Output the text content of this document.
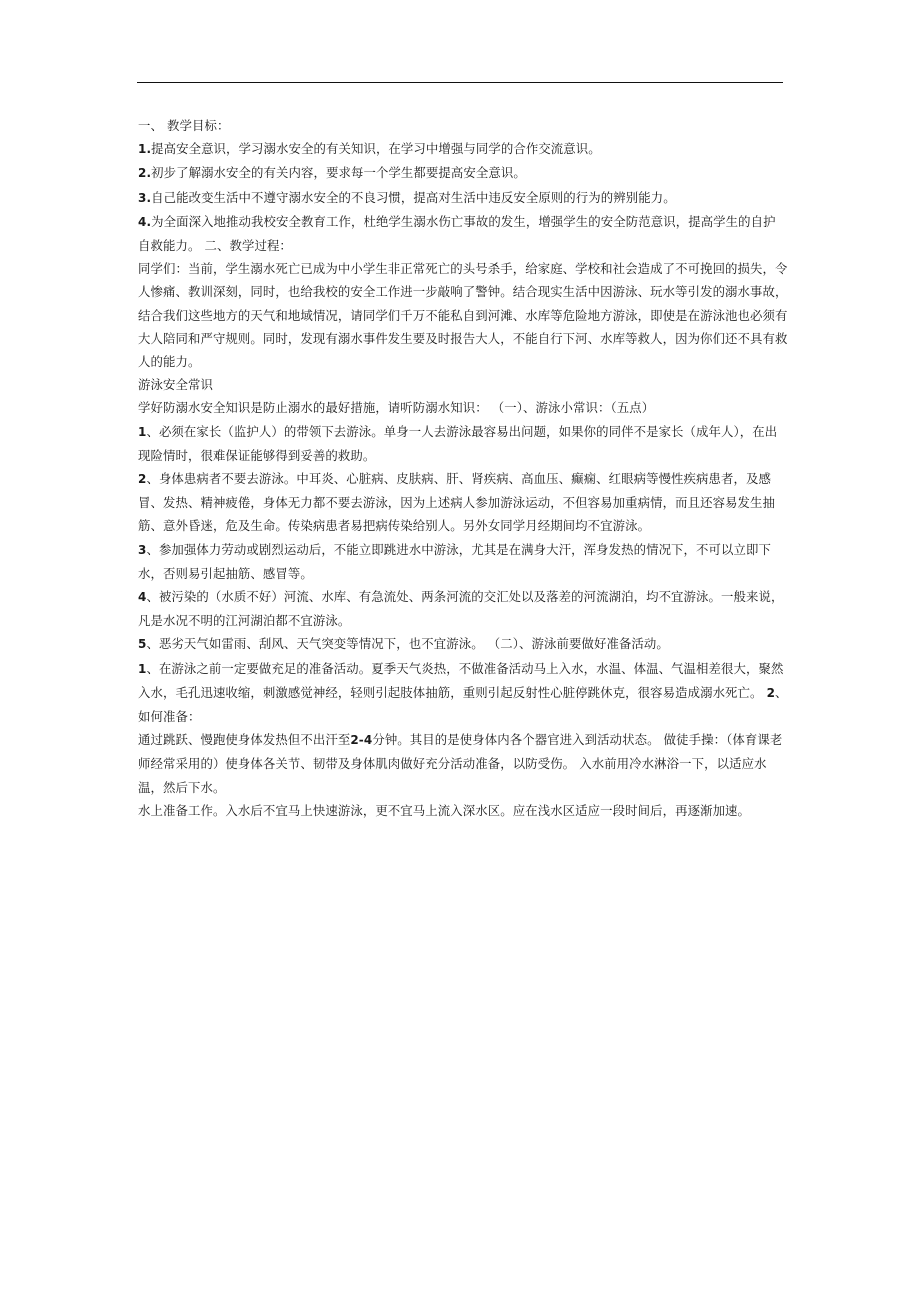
一、 教学目标：

1.提高安全意识，学习溺水安全的有关知识，在学习中增强与同学的合作交流意识。

2.初步了解溺水安全的有关内容，要求每一个学生都要提高安全意识。

3.自己能改变生活中不遵守溺水安全的不良习惯，提高对生活中违反安全原则的行为的辨别能力。

4.为全面深入地推动我校安全教育工作，杜绝学生溺水伤亡事故的发生，增强学生的安全防范意识，提高学生的自护自救能力。 二、教学过程：

同学们：当前，学生溺水死亡已成为中小学生非正常死亡的头号杀手，给家庭、学校和社会造成了不可挽回的损失，令人惨痛、教训深刻，同时，也给我校的安全工作进一步敲响了警钟。结合现实生活中因游泳、玩水等引发的溺水事故，结合我们这些地方的天气和地域情况，请同学们千万不能私自到河滩、水库等危险地方游泳，即使是在游泳池也必须有大人陪同和严守规则。同时，发现有溺水事件发生要及时报告大人，不能自行下河、水库等救人，因为你们还不具有救人的能力。

游泳安全常识

学好防溺水安全知识是防止溺水的最好措施，请听防溺水知识： （一）、游泳小常识：（五点）

1、必须在家长（监护人）的带领下去游泳。单身一人去游泳最容易出问题，如果你的同伴不是家长（成年人），在出现险情时，很难保证能够得到妥善的救助。

2、身体患病者不要去游泳。中耳炎、心脏病、皮肤病、肝、肾疾病、高血压、癫痫、红眼病等慢性疾病患者，及感冒、发热、精神疲倦，身体无力都不要去游泳，因为上述病人参加游泳运动，不但容易加重病情，而且还容易发生抽筋、意外昏迷，危及生命。传染病患者易把病传染给别人。另外女同学月经期间均不宜游泳。

3、参加强体力劳动或剧烈运动后，不能立即跳进水中游泳，尤其是在满身大汗，浑身发热的情况下，不可以立即下水，否则易引起抽筋、感冒等。

4、被污染的（水质不好）河流、水库、有急流处、两条河流的交汇处以及落差的河流湖泊，均不宜游泳。一般来说，凡是水况不明的江河湖泊都不宜游泳。

5、恶劣天气如雷雨、刮风、天气突变等情况下，也不宜游泳。 （二）、游泳前要做好准备活动。

1、在游泳之前一定要做充足的准备活动。夏季天气炎热，不做准备活动马上入水，水温、体温、气温相差很大，聚然入水，毛孔迅速收缩，刺激感觉神经，轻则引起肢体抽筋，重则引起反射性心脏停跳休克，很容易造成溺水死亡。 2、如何准备：

通过跳跃、慢跑使身体发热但不出汗至2-4分钟。其目的是使身体内各个器官进入到活动状态。 做徒手操：（体育课老师经常采用的）使身体各关节、韧带及身体肌肉做好充分活动准备，以防受伤。 入水前用冷水淋浴一下，以适应水温，然后下水。

水上准备工作。入水后不宜马上快速游泳，更不宜马上流入深水区。应在浅水区适应一段时间后，再逐渐加速。
